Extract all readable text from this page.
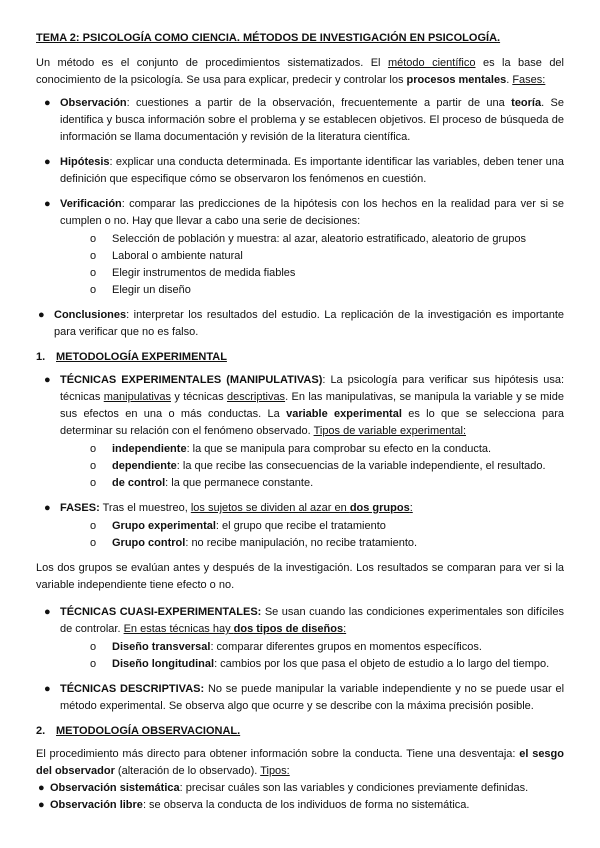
TEMA 2: PSICOLOGÍA COMO CIENCIA. MÉTODOS DE INVESTIGACIÓN EN PSICOLOGÍA.

Un método es el conjunto de procedimientos sistematizados. El método científico es la base del conocimiento de la psicología. Se usa para explicar, predecir y controlar los procesos mentales. Fases:

● Observación: cuestiones a partir de la observación, frecuentemente a partir de una teoría. Se identifica y busca información sobre el problema y se establecen objetivos. El proceso de búsqueda de información se llama documentación y revisión de la literatura científica.
● Hipótesis: explicar una conducta determinada. Es importante identificar las variables, deben tener una definición que especifique cómo se observaron los fenómenos en cuestión.
● Verificación: comparar las predicciones de la hipótesis con los hechos en la realidad para ver si se cumplen o no. Hay que llevar a cabo una serie de decisiones:
o Selección de población y muestra: al azar, aleatorio estratificado, aleatorio de grupos
o Laboral o ambiente natural
o Elegir instrumentos de medida fiables
o Elegir un diseño
● Conclusiones: interpretar los resultados del estudio. La replicación de la investigación es importante para verificar que no es falso.

1. METODOLOGÍA EXPERIMENTAL

● TÉCNICAS EXPERIMENTALES (MANIPULATIVAS): La psicología para verificar sus hipótesis usa: técnicas manipulativas y técnicas descriptivas. En las manipulativas, se manipula la variable y se mide sus efectos en una o más conductas. La variable experimental es lo que se selecciona para determinar su relación con el fenómeno observado. Tipos de variable experimental:
o independiente: la que se manipula para comprobar su efecto en la conducta.
o dependiente: la que recibe las consecuencias de la variable independiente, el resultado.
o de control: la que permanece constante.
● FASES: Tras el muestreo, los sujetos se dividen al azar en dos grupos:
o Grupo experimental: el grupo que recibe el tratamiento
o Grupo control: no recibe manipulación, no recibe tratamiento.

Los dos grupos se evalúan antes y después de la investigación. Los resultados se comparan para ver si la variable independiente tiene efecto o no.

● TÉCNICAS CUASI-EXPERIMENTALES: Se usan cuando las condiciones experimentales son difíciles de controlar. En estas técnicas hay dos tipos de diseños:
o Diseño transversal: comparar diferentes grupos en momentos específicos.
o Diseño longitudinal: cambios por los que pasa el objeto de estudio a lo largo del tiempo.
● TÉCNICAS DESCRIPTIVAS: No se puede manipular la variable independiente y no se puede usar el método experimental. Se observa algo que ocurre y se describe con la máxima precisión posible.

2. METODOLOGÍA OBSERVACIONAL.

El procedimiento más directo para obtener información sobre la conducta. Tiene una desventaja: el sesgo del observador (alteración de lo observado). Tipos:

● Observación sistemática: precisar cuáles son las variables y condiciones previamente definidas.
● Observación libre: se observa la conducta de los individuos de forma no sistemática.
